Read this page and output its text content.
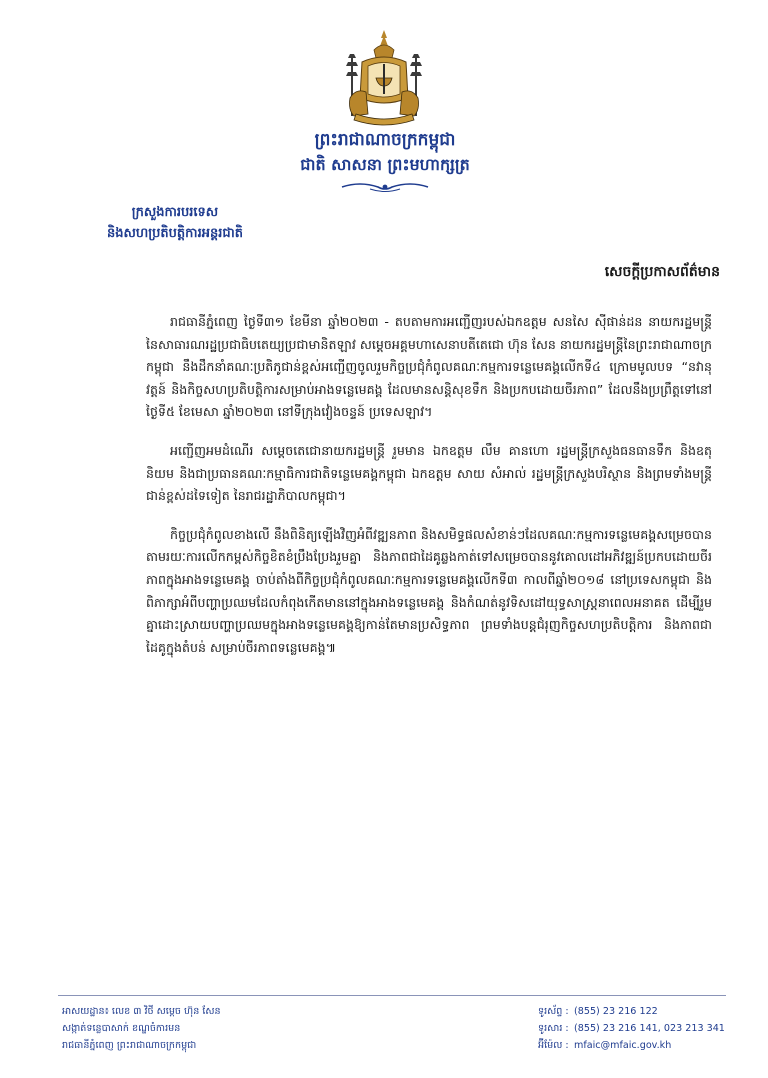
ព្រះរាជាណាចក្រកម្ពុជា
ជាតិ សាសនា ព្រះមហាក្សត្រ
ក្រសួងការបរទេស
និងសហប្រតិបត្តិការអន្តរជាតិ
សេចក្តីប្រកាសព័ត៌មាន

រាជធានីភ្នំពេញ ថ្ងៃទី៣១ ខែមីនា ឆ្នាំ២០២៣ - តបតាមការអញ្ជើញរបស់ឯកឧត្តម សនសៃ ស៊ីផាន់ដន នាយករដ្ឋមន្ត្រី នៃសាធារណរដ្ឋប្រជាធិបតេយ្យប្រជាមានិតឡាវ សម្តេចអគ្គមហាសេនាបតីតេជោ ហ៊ុន សែន នាយករដ្ឋមន្ត្រីនៃព្រះរាជាណាចក្រកម្ពុជា នឹងដឹកនាំគណៈប្រតិភូជាន់ខ្ពស់អញ្ជើញចូលរួមកិច្ចប្រជុំកំពូលគណៈកម្មការទន្លេមេគង្គលើកទី៤ ក្រោមមូលបទ “នវានុវត្តន៍ និងកិច្ចសហប្រតិបត្តិការសម្រាប់អាងទន្លេមេគង្គ ដែលមានសន្តិសុខទឹក និងប្រកបដោយចីរភាព” ដែលនឹងប្រព្រឹត្តទៅនៅថ្ងៃទី៥ ខែមេសា ឆ្នាំ២០២៣ នៅទីក្រុងវៀងចន្ទន៍ ប្រទេសឡាវ។

អញ្ជើញអមដំណើរ សម្តេចតេជោនាយករដ្ឋមន្ត្រី រួមមាន ឯកឧត្តម លឹម គានហោ រដ្ឋមន្ត្រីក្រសួងធនធានទឹក និងឧតុនិយម និងជាប្រធានគណៈកម្មាធិការជាតិទន្លេមេគង្គកម្ពុជា ឯកឧត្តម សាយ សំអាល់ រដ្ឋមន្ត្រីក្រសួងបរិស្ថាន និងព្រមទាំងមន្ត្រីជាន់ខ្ពស់ដទៃទៀត នៃរាជរដ្ឋាភិបាលកម្ពុជា។

កិច្ចប្រជុំកំពូលខាងលើ នឹងពិនិត្យឡើងវិញអំពីវឌ្ឍនភាព និងសមិទ្ធផលសំខាន់ៗដែលគណៈកម្មការទន្លេមេគង្គសម្រេចបានតាមរយៈការលើកកម្ពស់កិច្ចខិតខំប្រឹងប្រែងរួមគ្នា និងភាពជាដៃគូឆ្លងកាត់ទៅសម្រេចបាននូវគោលដៅអភិវឌ្ឍន៍ប្រកបដោយចីរភាពក្នុងអាងទន្លេមេគង្គ ចាប់តាំងពីកិច្ចប្រជុំកំពូលគណៈកម្មការទន្លេមេគង្គលើកទី៣ កាលពីឆ្នាំ២០១៨ នៅប្រទេសកម្ពុជា និងពិភាក្សាអំពីបញ្ហាប្រឈមដែលកំពុងកើតមាននៅក្នុងអាងទន្លេមេគង្គ និងកំណត់នូវទិសដៅយុទ្ធសាស្ត្រនាពេលអនាគត ដើម្បីរួមគ្នាដោះស្រាយបញ្ហាប្រឈមក្នុងអាងទន្លេមេគង្គឱ្យកាន់តែមានប្រសិទ្ធភាព ព្រមទាំងបន្តជំរុញកិច្ចសហប្រតិបត្តិការ និងភាពជាដៃគូក្នុងតំបន់ សម្រាប់ចីរភាពទន្លេមេគង្គ៕

អាសយដ្ឋាន៖ លេខ ៣ វិថី សម្តេច ហ៊ុន សែន
សង្កាត់ទន្លេបាសាក់ ខណ្ឌចំការមន
រាជធានីភ្នំពេញ ព្រះរាជាណាចក្រកម្ពុជា
ទូរស័ព្ទ : (855) 23 216 122
ទូរសារ : (855) 23 216 141, 023 213 341
អ៊ីម៉ែល : mfaic@mfaic.gov.kh
